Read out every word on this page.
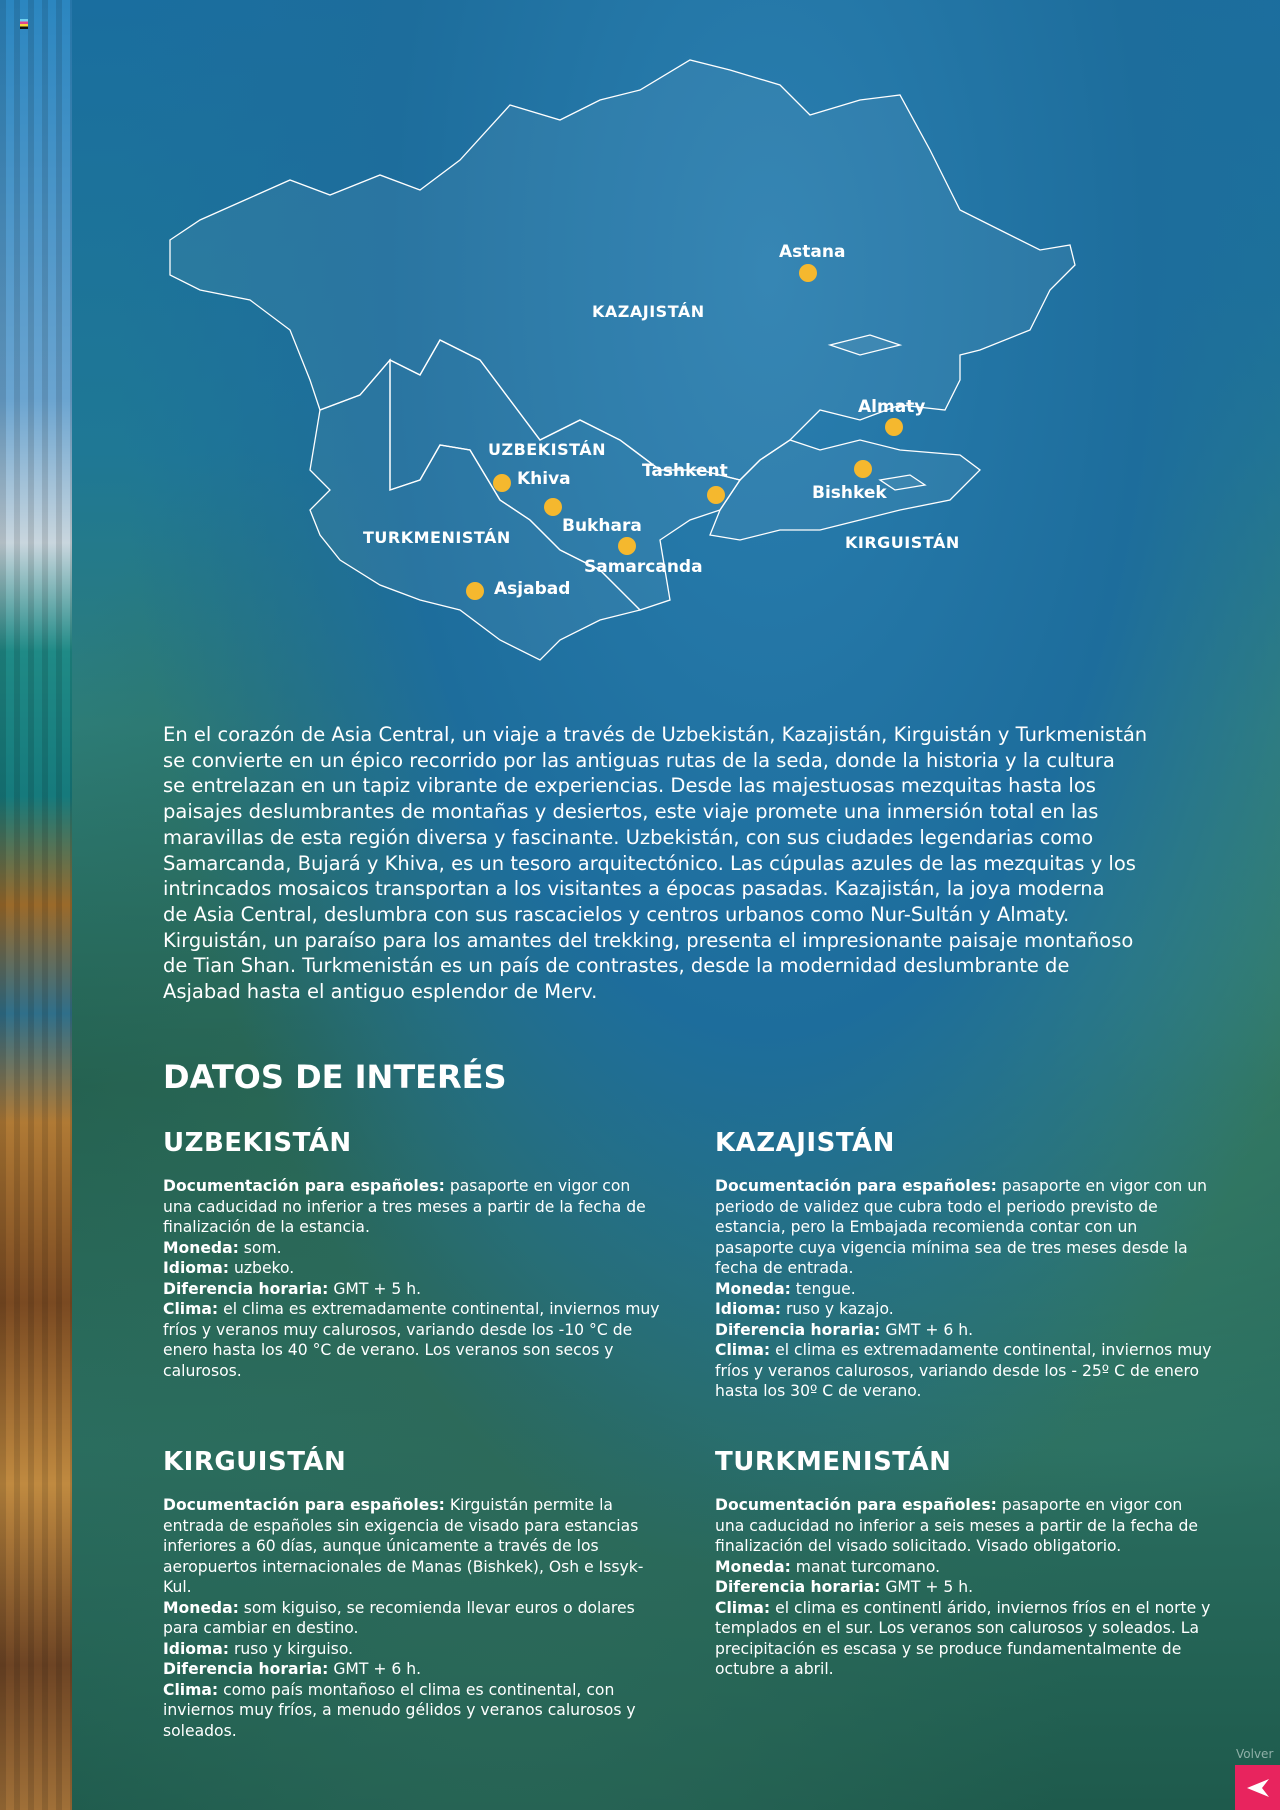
KAZAJISTÁN
UZBEKISTÁN
TURKMENISTÁN	KIRGUISTÁN
Astana
Almaty
Bishkek
Tashkent
Khiva
Bukhara
Samarcanda
Asjabad
En el corazón de Asia Central, un viaje a través de Uzbekistán, Kazajistán, Kirguistán y Turkmenistán
se convierte en un épico recorrido por las antiguas rutas de la seda, donde la historia y la cultura
se entrelazan en un tapiz vibrante de experiencias. Desde las majestuosas mezquitas hasta los
paisajes deslumbrantes de montañas y desiertos, este viaje promete una inmersión total en las
maravillas de esta región diversa y fascinante. Uzbekistán, con sus ciudades legendarias como
Samarcanda, Bujará y Khiva, es un tesoro arquitectónico. Las cúpulas azules de las mezquitas y los
intrincados mosaicos transportan a los visitantes a épocas pasadas. Kazajistán, la joya moderna
de Asia Central, deslumbra con sus rascacielos y centros urbanos como Nur-Sultán y Almaty.
Kirguistán, un paraíso para los amantes del trekking, presenta el impresionante paisaje montañoso
de Tian Shan. Turkmenistán es un país de contrastes, desde la modernidad deslumbrante de
Asjabad hasta el antiguo esplendor de Merv.
DATOS DE INTERÉS
UZBEKISTÁN

Documentación para españoles: pasaporte en vigor con una caducidad no inferior a tres meses a partir de la fecha de finalización de la estancia.
Moneda: som.
Idioma: uzbeko.
Diferencia horaria: GMT + 5 h.
Clima: el clima es extremadamente continental, inviernos muy fríos y veranos muy calurosos, variando desde los -10 °C de enero hasta los 40 °C de verano. Los veranos son secos y calurosos.

KAZAJISTÁN

Documentación para españoles: pasaporte en vigor con un periodo de validez que cubra todo el periodo previsto de estancia, pero la Embajada recomienda contar con un pasaporte cuya vigencia mínima sea de tres meses desde la fecha de entrada.
Moneda: tengue.
Idioma: ruso y kazajo.
Diferencia horaria: GMT + 6 h.
Clima: el clima es extremadamente continental, inviernos muy fríos y veranos calurosos, variando desde los - 25º C de enero hasta los 30º C de verano.

KIRGUISTÁN

Documentación para españoles: Kirguistán permite la entrada de españoles sin exigencia de visado para estancias inferiores a 60 días, aunque únicamente a través de los aeropuertos internacionales de Manas (Bishkek), Osh e Issyk-Kul.
Moneda: som kiguiso, se recomienda llevar euros o dolares para cambiar en destino.
Idioma: ruso y kirguiso.
Diferencia horaria: GMT + 6 h.
Clima: como país montañoso el clima es continental, con inviernos muy fríos, a menudo gélidos y veranos calurosos y soleados.

TURKMENISTÁN

Documentación para españoles: pasaporte en vigor con una caducidad no inferior a seis meses a partir de la fecha de finalización del visado solicitado. Visado obligatorio.
Moneda: manat turcomano.
Diferencia horaria: GMT + 5 h.
Clima: el clima es continentl árido, inviernos fríos en el norte y templados en el sur. Los veranos son calurosos y soleados. La precipitación es escasa y se produce fundamentalmente de octubre a abril.

Volver
